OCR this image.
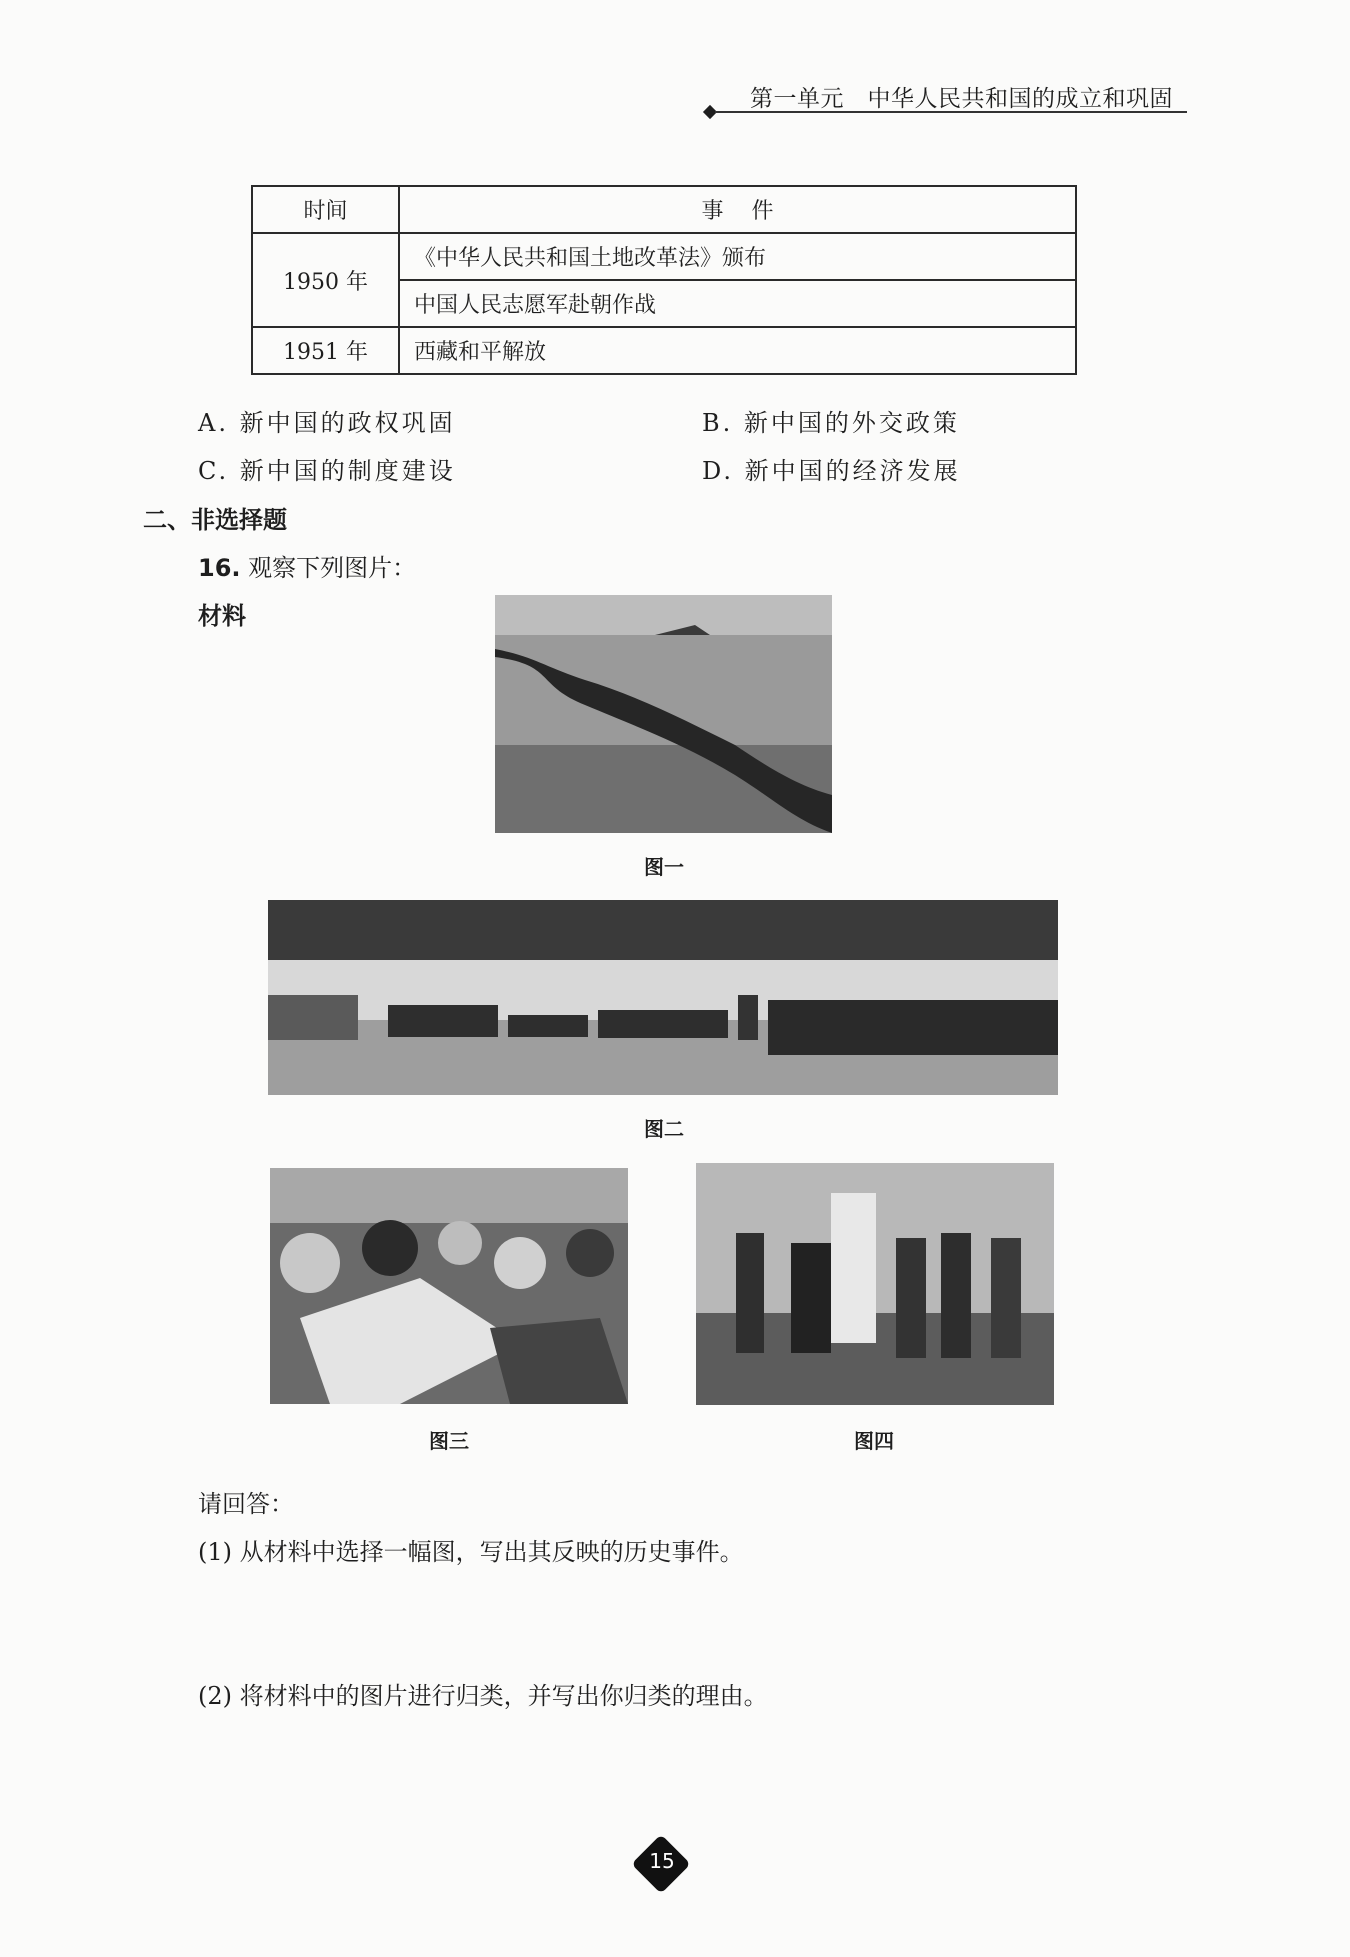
第一单元 中华人民共和国的成立和巩固
时间	事件
1950 年	《中华人民共和国土地改革法》颁布
	中国人民志愿军赴朝作战
1951 年	西藏和平解放
A. 新中国的政权巩固	B. 新中国的外交政策
C. 新中国的制度建设	D. 新中国的经济发展
二、非选择题
16. 观察下列图片：
材料
图一
图二
图三	图四
请回答：
(1) 从材料中选择一幅图，写出其反映的历史事件。
(2) 将材料中的图片进行归类，并写出你归类的理由。
15
